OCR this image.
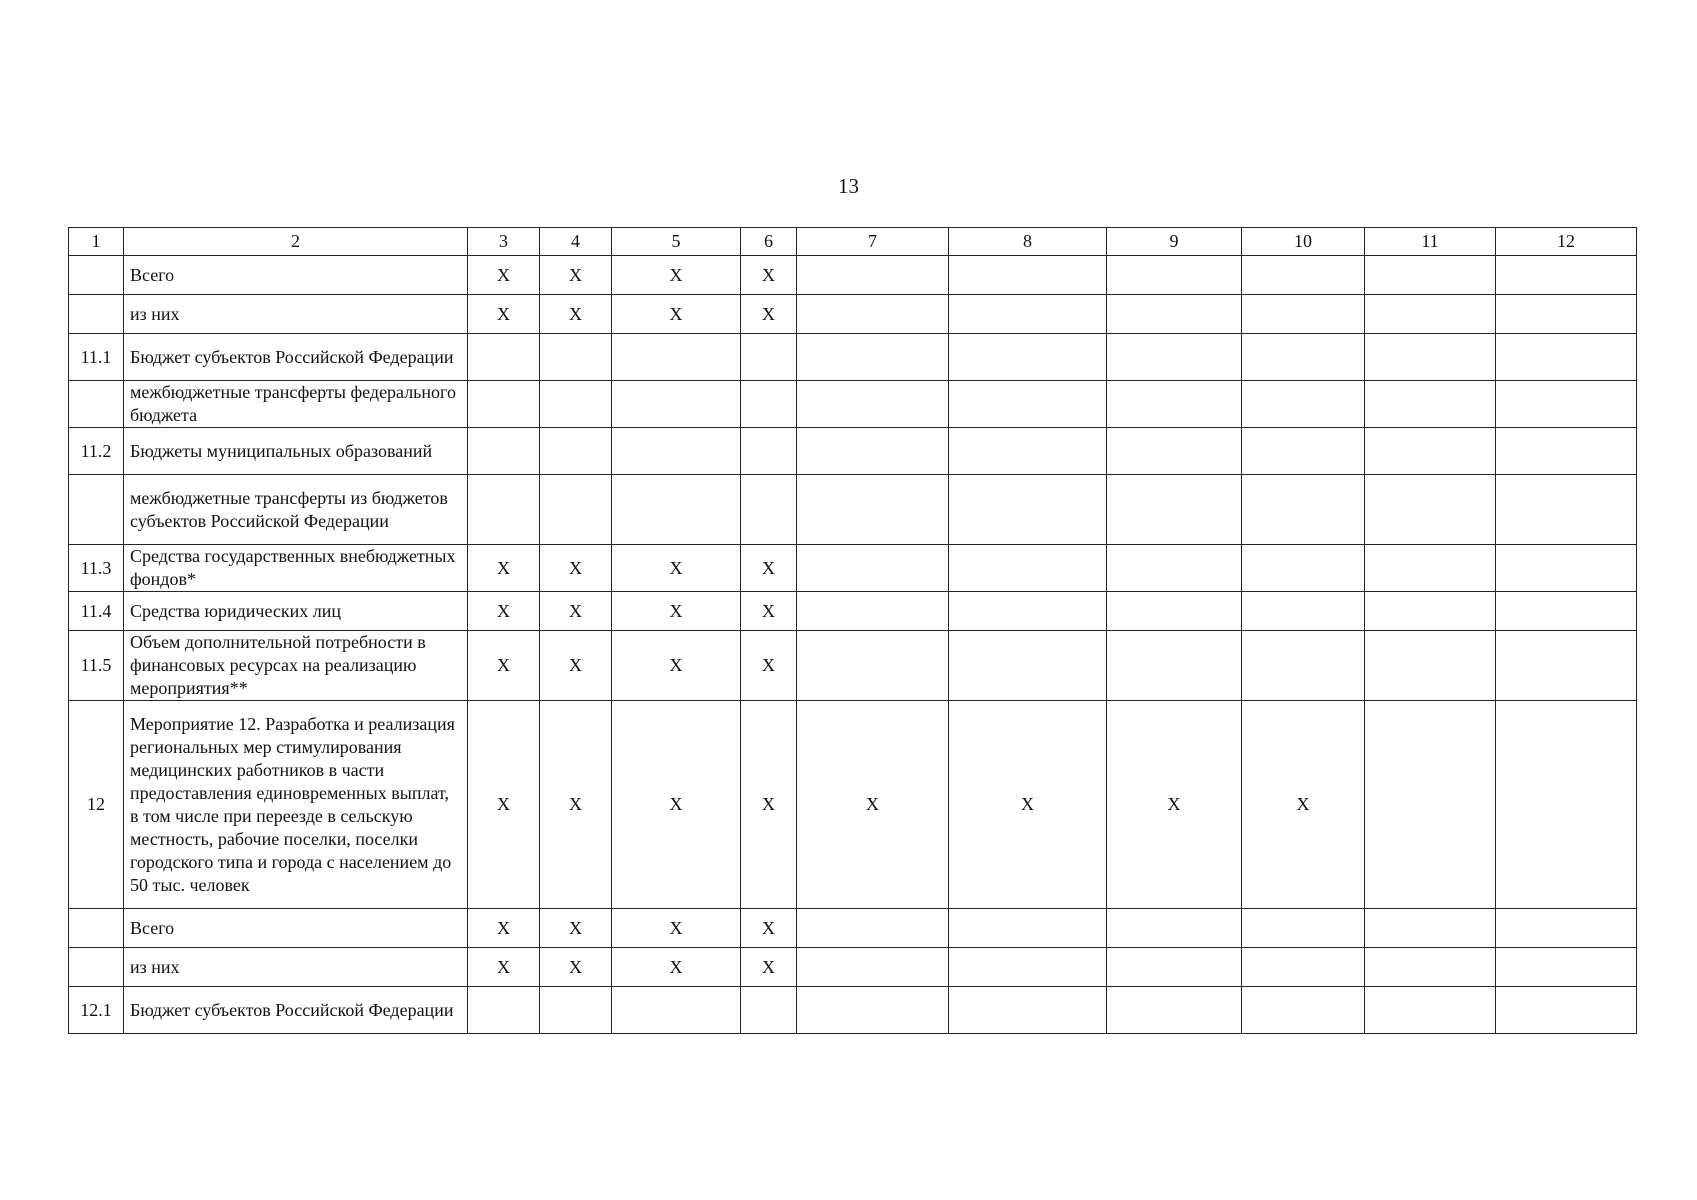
13
1	2	3	4	5	6	7	8	9	10	11	12
	Всего	X	X	X	X						
	из них	X	X	X	X						
11.1	Бюджет субъектов Российской Федерации										
	межбюджетные трансферты федерального бюджета										
11.2	Бюджеты муниципальных образований										
	межбюджетные трансферты из бюджетов субъектов Российской Федерации										
11.3	Средства государственных внебюджетных фондов*	X	X	X	X						
11.4	Средства юридических лиц	X	X	X	X						
11.5	Объем дополнительной потребности в финансовых ресурсах на реализацию мероприятия**	X	X	X	X						
12	Мероприятие 12. Разработка и реализация региональных мер стимулирования медицинских работников в части предоставления единовременных выплат, в том числе при переезде в сельскую местность, рабочие поселки, поселки городского типа и города с населением до 50 тыс. человек	X	X	X	X	X	X	X	X		
	Всего	X	X	X	X						
	из них	X	X	X	X						
12.1	Бюджет субъектов Российской Федерации										
